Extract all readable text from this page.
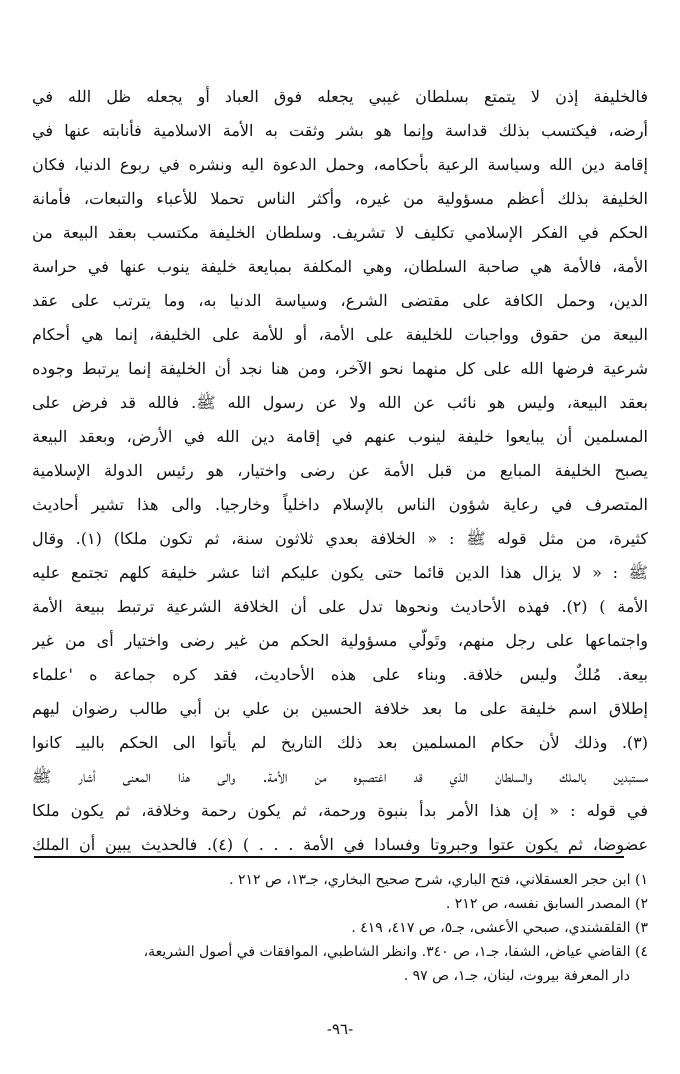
فالخليفة إذن لا يتمتع بسلطان غيبي يجعله فوق العباد أو يجعله ظل الله في
أرضه، فيكتسب بذلك قداسة وإنما هو بشر وثقت به الأمة الاسلامية فأنابته عنها في
إقامة دين الله وسياسة الرعية بأحكامه، وحمل الدعوة اليه ونشره في ربوع الدنيا، فكان
الخليفة بذلك أعظم مسؤولية من غيره، وأكثر الناس تحملا للأعباء والتبعات، فأمانة
الحكم في الفكر الإسلامي تكليف لا تشريف. وسلطان الخليفة مكتسب بعقد البيعة من
الأمة، فالأمة هي صاحبة السلطان، وهي المكلفة بمبايعة خليفة ينوب عنها في حراسة
الدين، وحمل الكافة على مقتضى الشرع، وسياسة الدنيا به، وما يترتب على عقد
البيعة من حقوق وواجبات للخليفة على الأمة، أو للأمة على الخليفة، إنما هي أحكام
شرعية فرضها الله على كل منهما نحو الآخر، ومن هنا نجد أن الخليفة إنما يرتبط وجوده
بعقد البيعة، وليس هو نائب عن الله ولا عن رسول الله ﷺ. فالله قد فرض على
المسلمين أن يبايعوا خليفة لينوب عنهم في إقامة دين الله في الأرض، وبعقد البيعة
يصبح الخليفة المبايع من قبل الأمة عن رضى واختيار، هو رئيس الدولة الإسلامية
المتصرف في رعاية شؤون الناس بالإسلام داخلياً وخارجيا. والى هذا تشير أحاديث
كثيرة، من مثل قوله ﷺ : « الخلافة بعدي ثلاثون سنة، ثم تكون ملكا) (١). وقال
ﷺ : « لا يزال هذا الدين قائما حتى يكون عليكم اثنا عشر خليفة كلهم تجتمع عليه
الأمة ) (٢). فهذه الأحاديث ونحوها تدل على أن الخلافة الشرعية ترتبط ببيعة الأمة
واجتماعها على رجل منهم، وتَولّي مسؤولية الحكم من غير رضى واختيار أى من غير
بيعة. مُلكٌ وليس خلافة. وبناء على هذه الأحاديث، فقد كره جماعة ه 'علماء
إطلاق اسم خليفة على ما بعد خلافة الحسين بن علي بن أبي طالب رضوان ليهم
(٣). وذلك لأن حكام المسلمين بعد ذلك التاريخ لم يأتوا الى الحكم بالبيـ كانوا
مستبدين بالملك والسلطان الذي قد اغتصبوه من الأمة. والى هذا المعنى أشار ﷺ
في قوله : « إن هذا الأمر بدأ بنبوة ورحمة، ثم يكون رحمة وخلافة، ثم يكون ملكا
عضوضا، ثم يكون عتوا وجبروتا وفسادا في الأمة . . . ) (٤). فالحديث يبين أن الملك
١) ابن حجر العسقلاني، فتح الباري، شرح صحيح البخاري، جـ١٣، ص ٢١٢ .
٢) المصدر السابق نفسه، ص ٢١٢ .
٣) القلقشندي، صبحي الأعشى، جـ٥، ص ٤١٧، ٤١٩ .
٤) القاضي عياض، الشفا، جـ١، ص ٣٤٠. وانظر الشاطبي، الموافقات في أصول الشريعة،
دار المعرفة بيروت، لبنان، جـ١، ص ٩٧ .
-٩٦-
